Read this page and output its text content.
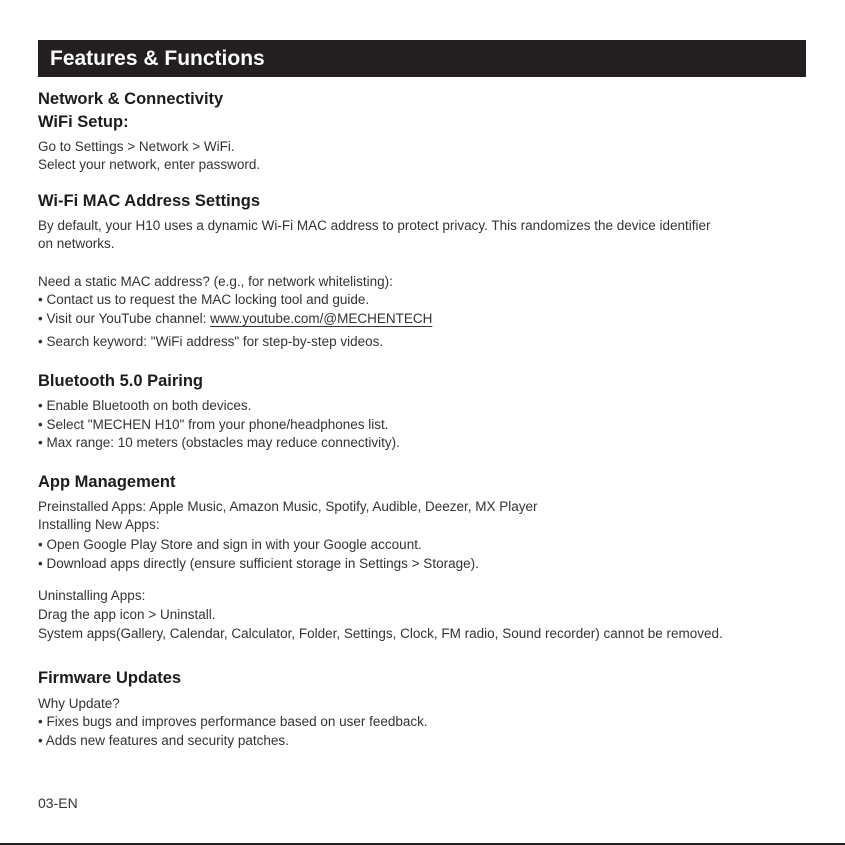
Features & Functions
Network & Connectivity
WiFi Setup:
Go to Settings > Network > WiFi.
Select your network, enter password.
Wi-Fi MAC Address Settings
By default, your H10 uses a dynamic Wi-Fi MAC address to protect privacy. This randomizes the device identifier
on networks.
Need a static MAC address? (e.g., for network whitelisting):
• Contact us to request the MAC locking tool and guide.
• Visit our YouTube channel: www.youtube.com/@MECHENTECH
• Search keyword: "WiFi address" for step-by-step videos.
Bluetooth 5.0 Pairing
• Enable Bluetooth on both devices.
• Select "MECHEN H10" from your phone/headphones list.
• Max range: 10 meters (obstacles may reduce connectivity).
App Management
Preinstalled Apps: Apple Music, Amazon Music, Spotify, Audible, Deezer, MX Player
Installing New Apps:
• Open Google Play Store and sign in with your Google account.
• Download apps directly (ensure sufficient storage in Settings > Storage).
Uninstalling Apps:
Drag the app icon > Uninstall.
System apps(Gallery, Calendar, Calculator, Folder, Settings, Clock, FM radio, Sound recorder) cannot be removed.
Firmware Updates
Why Update?
• Fixes bugs and improves performance based on user feedback.
• Adds new features and security patches.
03-EN
